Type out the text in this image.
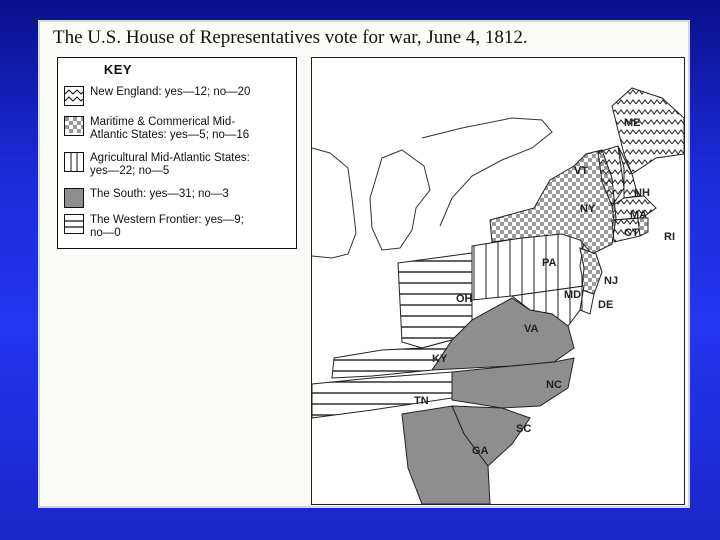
The U.S. House of Representatives vote for war, June 4, 1812.
KEY
New England: yes—12; no—20
Maritime & Commerical Mid-
Atlantic States: yes—5; no—16
Agricultural Mid-Atlantic States:
yes—22; no—5
The South: yes—31; no—3
The Western Frontier: yes—9;
no—0
ME
VT
NH
MA
CT RI
NY
PA
NJ
DE
MD
OH
VA
KY
TN
NC
SC
GA
